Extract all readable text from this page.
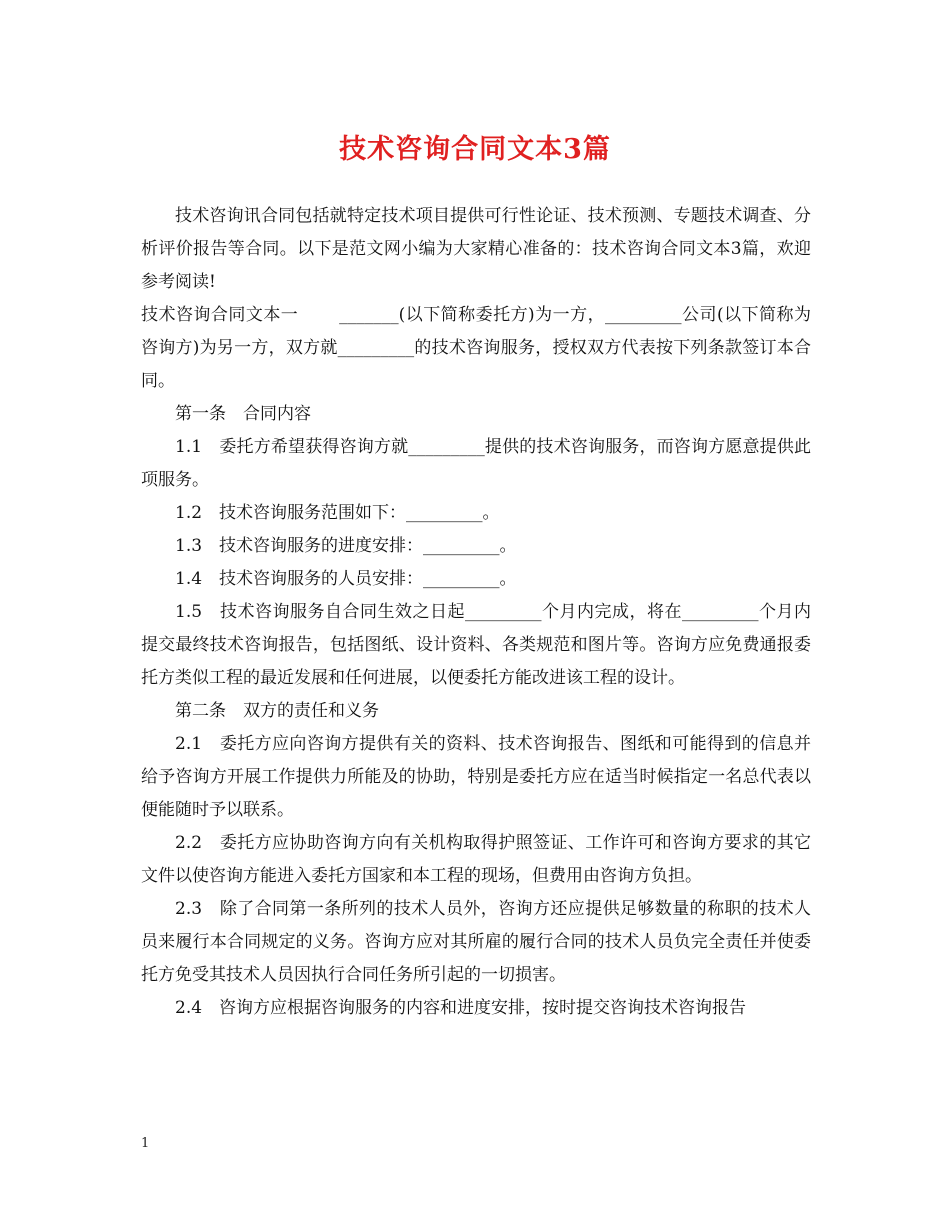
技术咨询合同文本3篇

技术咨询讯合同包括就特定技术项目提供可行性论证、技术预测、专题技术调查、分析评价报告等合同。以下是范文网小编为大家精心准备的：技术咨询合同文本3篇，欢迎参考阅读!

技术咨询合同文本一　　 _______(以下简称委托方)为一方，_________公司(以下简称为咨询方)为另一方，双方就_________的技术咨询服务，授权双方代表按下列条款签订本合同。

第一条　合同内容

1.1　委托方希望获得咨询方就_________提供的技术咨询服务，而咨询方愿意提供此项服务。

1.2　技术咨询服务范围如下：_________。

1.3　技术咨询服务的进度安排：_________。

1.4　技术咨询服务的人员安排：_________。

1.5　技术咨询服务自合同生效之日起_________个月内完成，将在_________个月内提交最终技术咨询报告，包括图纸、设计资料、各类规范和图片等。咨询方应免费通报委托方类似工程的最近发展和任何进展，以便委托方能改进该工程的设计。

第二条　双方的责任和义务

2.1　委托方应向咨询方提供有关的资料、技术咨询报告、图纸和可能得到的信息并给予咨询方开展工作提供力所能及的协助，特别是委托方应在适当时候指定一名总代表以便能随时予以联系。

2.2　委托方应协助咨询方向有关机构取得护照签证、工作许可和咨询方要求的其它文件以使咨询方能进入委托方国家和本工程的现场，但费用由咨询方负担。

2.3　除了合同第一条所列的技术人员外，咨询方还应提供足够数量的称职的技术人员来履行本合同规定的义务。咨询方应对其所雇的履行合同的技术人员负完全责任并使委托方免受其技术人员因执行合同任务所引起的一切损害。

2.4　咨询方应根据咨询服务的内容和进度安排，按时提交咨询技术咨询报告

1
